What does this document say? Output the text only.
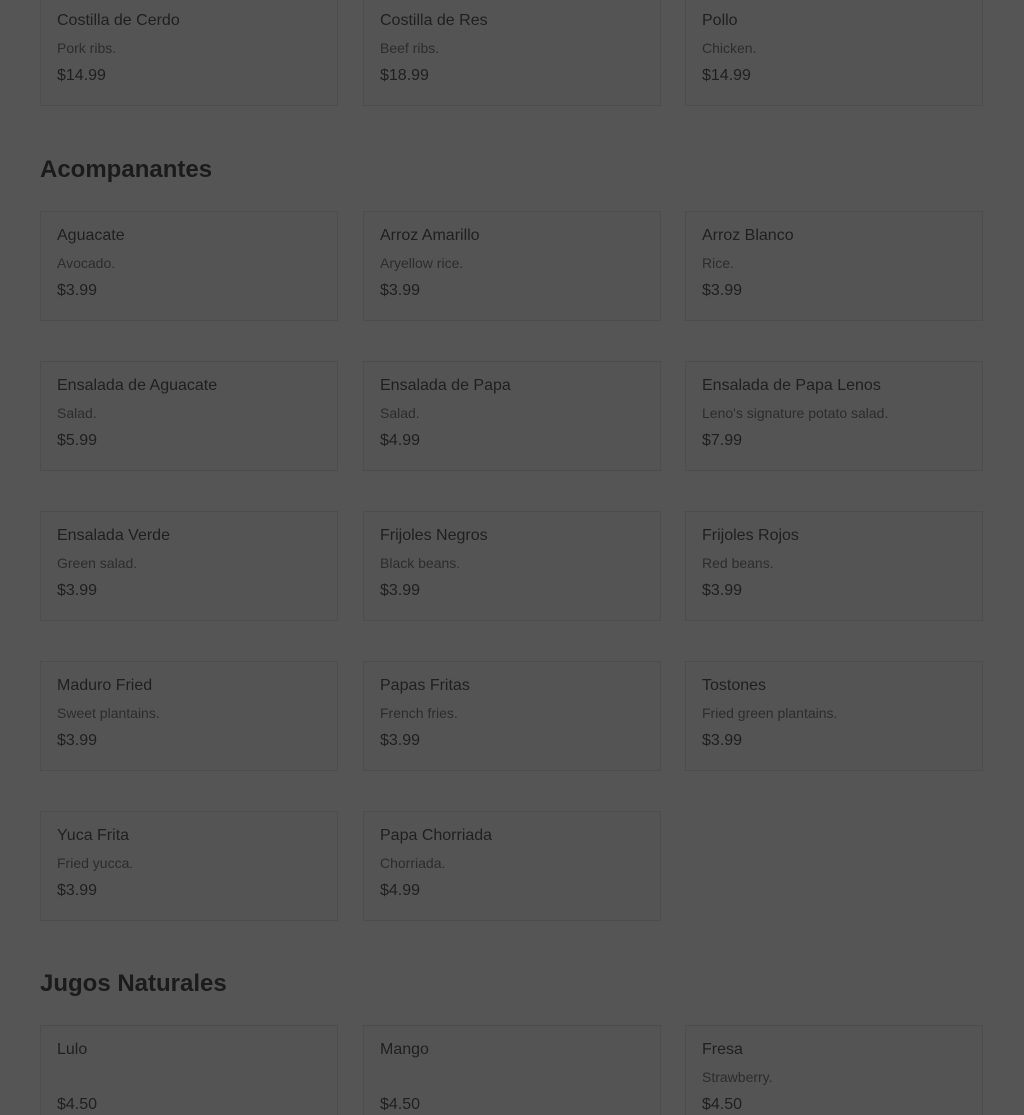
Costilla de Cerdo
Pork ribs.
$14.99
Costilla de Res
Beef ribs.
$18.99
Pollo
Chicken.
$14.99
Acompanantes
Aguacate
Avocado.
$3.99
Arroz Amarillo
Aryellow rice.
$3.99
Arroz Blanco
Rice.
$3.99
Ensalada de Aguacate
Salad.
$5.99
Ensalada de Papa
Salad.
$4.99
Ensalada de Papa Lenos
Leno's signature potato salad.
$7.99
Ensalada Verde
Green salad.
$3.99
Frijoles Negros
Black beans.
$3.99
Frijoles Rojos
Red beans.
$3.99
Maduro Fried
Sweet plantains.
$3.99
Papas Fritas
French fries.
$3.99
Tostones
Fried green plantains.
$3.99
Yuca Frita
Fried yucca.
$3.99
Papa Chorriada
Chorriada.
$4.99
Jugos Naturales
Lulo
$4.50
Mango
$4.50
Fresa
Strawberry.
$4.50
